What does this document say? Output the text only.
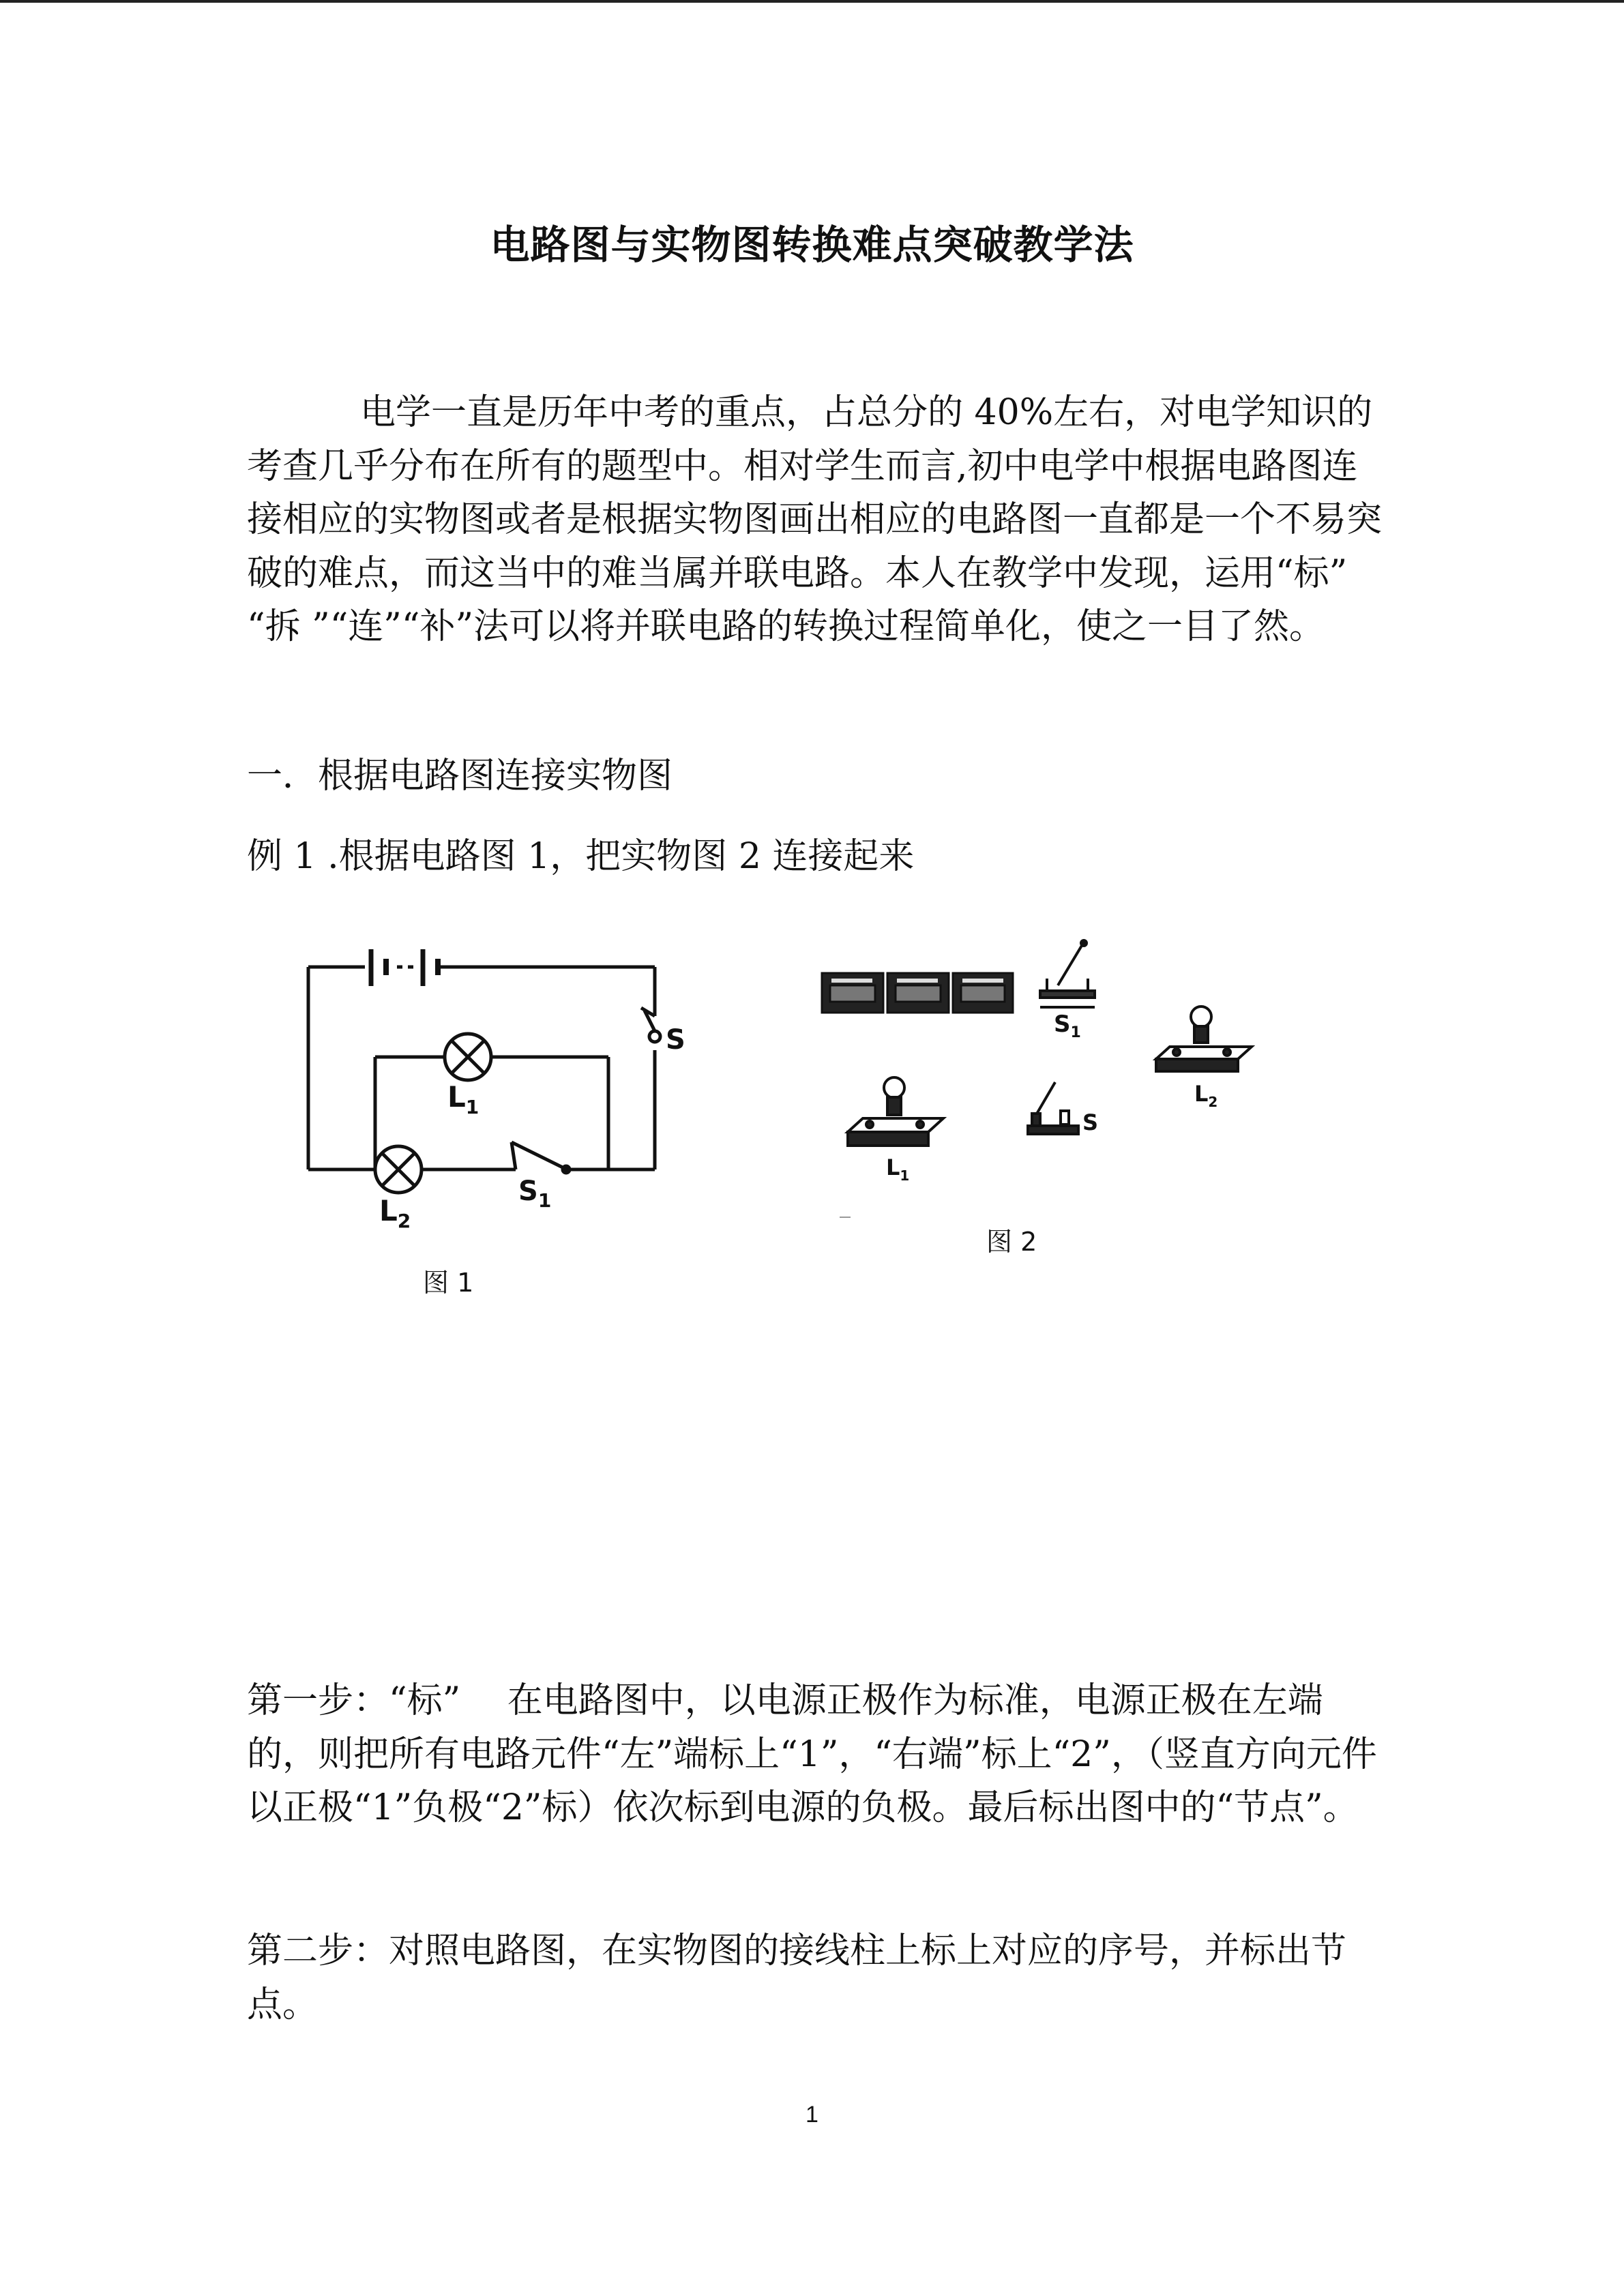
电路图与实物图转换难点突破教学法

电学一直是历年中考的重点，占总分的 40%左右，对电学知识的考查几乎分布在所有的题型中。相对学生而言,初中电学中根据电路图连接相应的实物图或者是根据实物图画出相应的电路图一直都是一个不易突破的难点，而这当中的难当属并联电路。本人在教学中发现，运用“标” “拆 ”“连”“补”法可以将并联电路的转换过程简单化，使之一目了然。

一．根据电路图连接实物图
例 1 .根据电路图 1，把实物图 2 连接起来
S
$L_1$
$L_2$
$S_1$
图 1
$S_1$
$L_2$
$L_1$
S
图 2

第一步：“标”　 在电路图中，以电源正极作为标准，电源正极在左端的，则把所有电路元件“左”端标上“1”，“右端”标上“2”，（竖直方向元件以正极“1”负极“2”标）依次标到电源的负极。最后标出图中的“节点”。

第二步：对照电路图，在实物图的接线柱上标上对应的序号，并标出节点。

1
